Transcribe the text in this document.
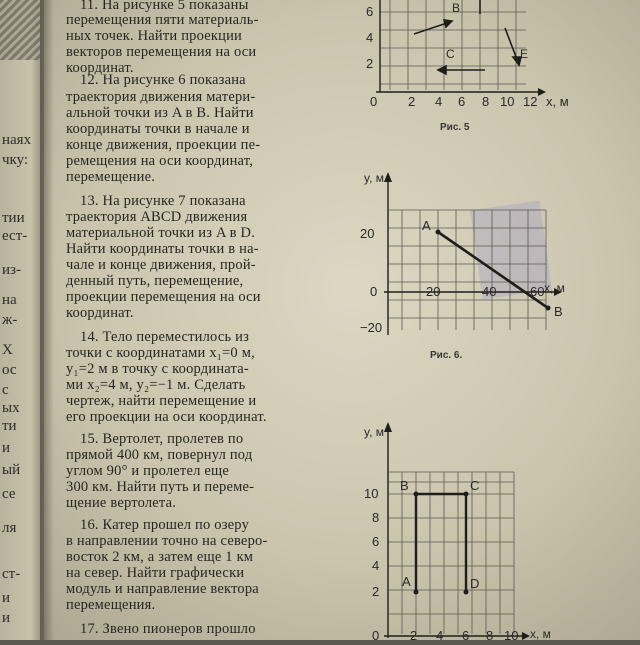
наях
чку:
тии
ест-
из-
на
ж-
X
ос
с
ых
ти
и
ый
се
ля
ст-
и
и
11. На рисунке 5 показаны
перемещения пяти материаль-
ных точек. Найти проекции
векторов перемещения на оси
координат.
12. На рисунке 6 показана
траектория движения матери-
альной точки из A в B. Найти
координаты точки в начале и
конце движения, проекции пе-
ремещения на оси координат,
перемещение.
13. На рисунке 7 показана
траектория ABCD движения
материальной точки из A в D.
Найти координаты точки в на-
чале и конце движения, прой-
денный путь, перемещение,
проекции перемещения на оси
координат.
14. Тело переместилось из
точки с координатами x₁=0 м,
y₁=2 м в точку с координата-
ми x₂=4 м, y₂=−1 м. Сделать
чертеж, найти перемещение и
его проекции на оси координат.
15. Вертолет, пролетев по
прямой 400 км, повернул под
углом 90° и пролетел еще
300 км. Найти путь и переме-
щение вертолета.
16. Катер прошел по озеру
в направлении точно на северо-
восток 2 км, а затем еще 1 км
на север. Найти графически
модуль и направление вектора
перемещения.
17. Звено пионеров прошло
B
C	E
6
4
2
0 2 4 6 8 10 12 x, м
Рис. 5
A
B
y, м
20
0
−20
20	40	60 x, м
Рис. 6.
A
B	C
D
y, м
10
8
6
4
2
0 2 4 6 8 10 x, м
